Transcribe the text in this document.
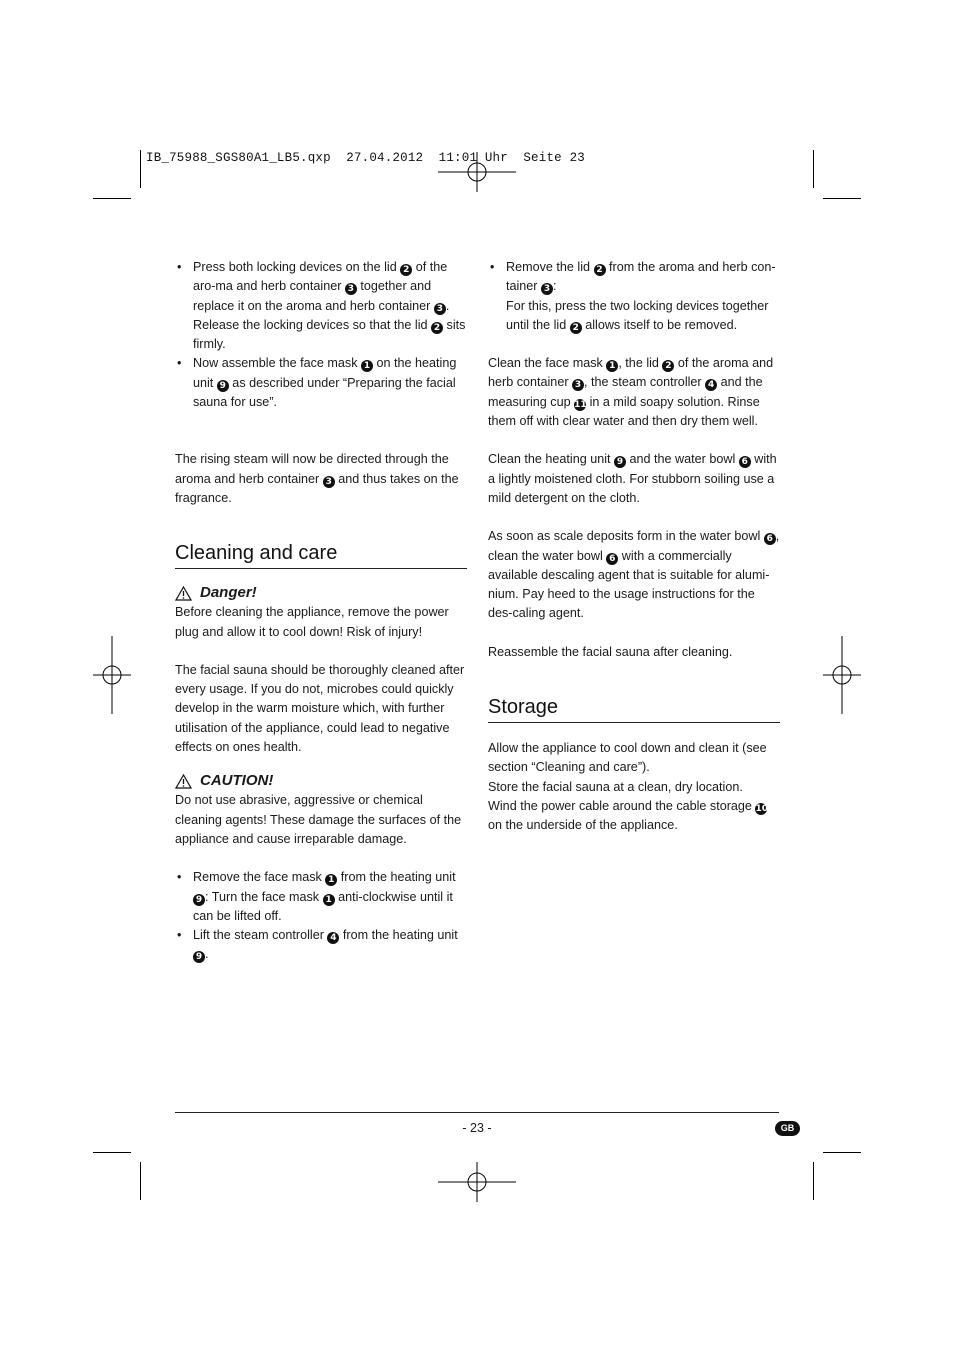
IB_75988_SGS80A1_LB5.qxp  27.04.2012  11:01 Uhr  Seite 23
• Press both locking devices on the lid 2 of the aro-ma and herb container 3 together and replace it on the aroma and herb container 3 . Release the locking devices so that the lid 2 sits firmly.
• Now assemble the face mask 1 on the heating unit 9 as described under “Preparing the facial sauna for use”.

The rising steam will now be directed through the aroma and herb container 3 and thus takes on the fragrance.

Cleaning and care
Danger!

Before cleaning the appliance, remove the power plug and allow it to cool down! Risk of injury!

The facial sauna should be thoroughly cleaned after every usage. If you do not, microbes could quickly develop in the warm moisture which, with further utilisation of the appliance, could lead to negative effects on ones health.

CAUTION!

Do not use abrasive, aggressive or chemical cleaning agents! These damage the surfaces of the appliance and cause irreparable damage.

• Remove the face mask 1 from the heating unit 9 : Turn the face mask 1 anti-clockwise until it can be lifted off.
• Lift the steam controller 4 from the heating unit 9 .
• Remove the lid 2 from the aroma and herb con-tainer 3 :
For this, press the two locking devices together until the lid 2 allows itself to be removed.

Clean the face mask 1 , the lid 2 of the aroma and herb container 3 , the steam controller 4 and the measuring cup 11 in a mild soapy solution. Rinse them off with clear water and then dry them well.

Clean the heating unit 9 and the water bowl 6 with a lightly moistened cloth. For stubborn soiling use a mild detergent on the cloth.

As soon as scale deposits form in the water bowl 6 , clean the water bowl 6 with a commercially available descaling agent that is suitable for alumi-nium. Pay heed to the usage instructions for the des-caling agent.

Reassemble the facial sauna after cleaning.

Storage

Allow the appliance to cool down and clean it (see section “Cleaning and care”).

Store the facial sauna at a clean, dry location.

Wind the power cable around the cable storage 10 on the underside of the appliance.

- 23 -	GB
